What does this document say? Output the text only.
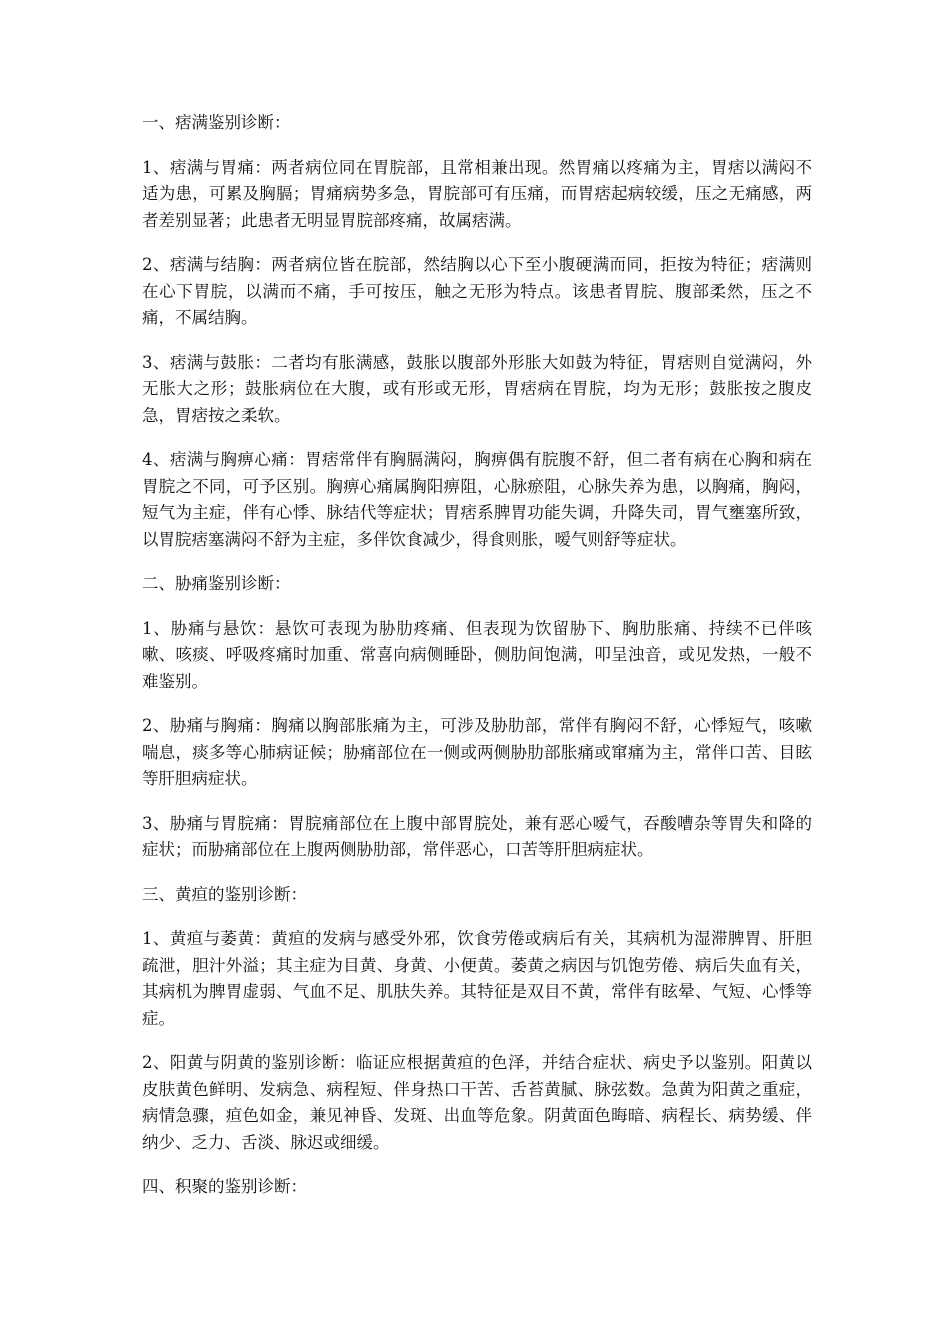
一、痞满鉴别诊断：

1、痞满与胃痛：两者病位同在胃脘部，且常相兼出现。然胃痛以疼痛为主，胃痞以满闷不适为患，可累及胸膈；胃痛病势多急，胃脘部可有压痛，而胃痞起病较缓，压之无痛感，两者差别显著；此患者无明显胃脘部疼痛，故属痞满。

2、痞满与结胸：两者病位皆在脘部，然结胸以心下至小腹硬满而同，拒按为特征；痞满则在心下胃脘，以满而不痛，手可按压，触之无形为特点。该患者胃脘、腹部柔然，压之不 痛，不属结胸。

3、痞满与鼓胀：二者均有胀满感，鼓胀以腹部外形胀大如鼓为特征，胃痞则自觉满闷，外无胀大之形；鼓胀病位在大腹，或有形或无形，胃痞病在胃脘，均为无形；鼓胀按之腹皮急，胃痞按之柔软。

4、痞满与胸痹心痛：胃痞常伴有胸膈满闷，胸痹偶有脘腹不舒，但二者有病在心胸和病在胃脘之不同，可予区别。胸痹心痛属胸阳痹阻，心脉瘀阻，心脉失养为患，以胸痛，胸闷，短气为主症，伴有心悸、脉结代等症状；胃痞系脾胃功能失调，升降失司，胃气壅塞所致，以胃脘痞塞满闷不舒为主症，多伴饮食减少，得食则胀，嗳气则舒等症状。

二、胁痛鉴别诊断：

1、胁痛与悬饮：悬饮可表现为胁肋疼痛、但表现为饮留胁下、胸肋胀痛、持续不已伴咳嗽、咳痰、呼吸疼痛时加重、常喜向病侧睡卧，侧肋间饱满，叩呈浊音，或见发热，一般不难鉴别。

2、胁痛与胸痛：胸痛以胸部胀痛为主，可涉及胁肋部，常伴有胸闷不舒，心悸短气，咳嗽喘息，痰多等心肺病证候；胁痛部位在一侧或两侧胁肋部胀痛或窜痛为主，常伴口苦、目眩等肝胆病症状。

3、胁痛与胃脘痛：胃脘痛部位在上腹中部胃脘处，兼有恶心嗳气，吞酸嘈杂等胃失和降的症状；而胁痛部位在上腹两侧胁肋部，常伴恶心，口苦等肝胆病症状。

三、黄疸的鉴别诊断：

1、黄疸与萎黄：黄疸的发病与感受外邪，饮食劳倦或病后有关，其病机为湿滞脾胃、肝胆疏泄，胆汁外溢；其主症为目黄、身黄、小便黄。萎黄之病因与饥饱劳倦、病后失血有关，其病机为脾胃虚弱、气血不足、肌肤失养。其特征是双目不黄，常伴有眩晕、气短、心悸等症。

2、阳黄与阴黄的鉴别诊断：临证应根据黄疸的色泽，并结合症状、病史予以鉴别。阳黄以皮肤黄色鲜明、发病急、病程短、伴身热口干苦、舌苔黄腻、脉弦数。急黄为阳黄之重症，病情急骤，疸色如金，兼见神昏、发斑、出血等危象。阴黄面色晦暗、病程长、病势缓、伴纳少、乏力、舌淡、脉迟或细缓。

四、积聚的鉴别诊断：
